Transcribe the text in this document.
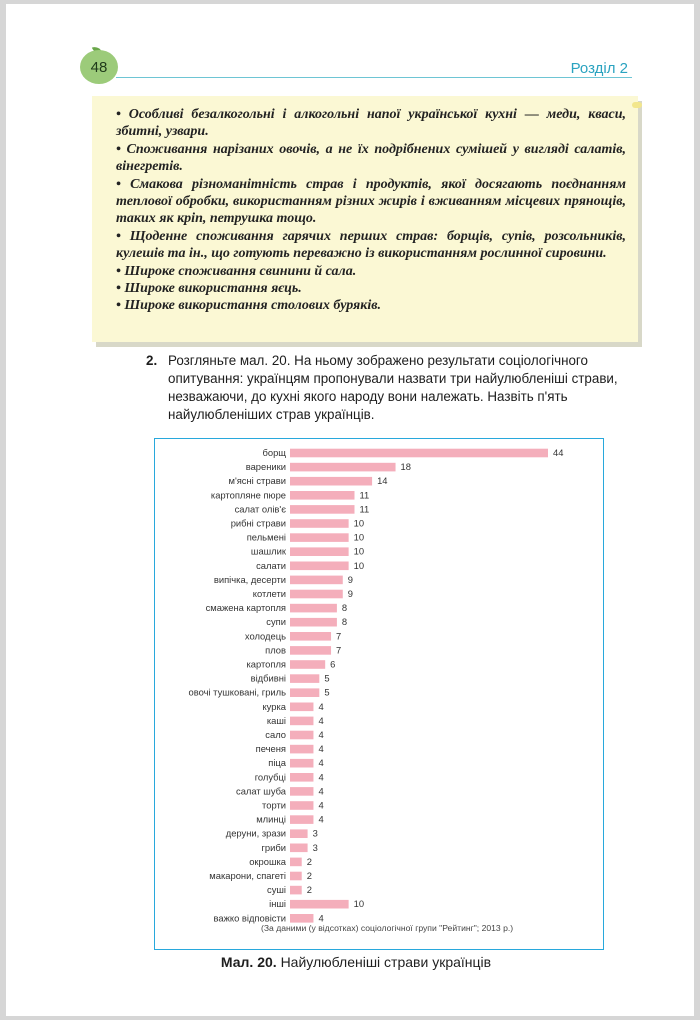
48	Розділ 2
• Особливі безалкогольні і алкогольні напої української кухні — меди, кваси, збитні, узвари.
• Споживання нарізаних овочів, а не їх подрібнених сумішей у вигляді салатів, вінегретів.
• Смакова різноманітність страв і продуктів, якої досягають поєднанням теплової обробки, використанням різних жирів і вживанням місцевих прянощів, таких як кріп, петрушка тощо.
• Щоденне споживання гарячих перших страв: борщів, супів, розсольників, кулешів та ін., що готують переважно із використанням рослинної сировини.
• Широке споживання свинини й сала.
• Широке використання яєць.
• Широке використання столових буряків.
2. Розгляньте мал. 20. На ньому зображено результати соціологічного опитування: українцям пропонували назвати три найулюбленіші страви, незважаючи, до кухні якого народу вони належать. Назвіть п'ять найулюбленіших страв українців.
борщ	44
вареники	18
м'ясні страви	14
картопляне пюре	11
салат олів'є	11
рибні страви	10
пельмені	10
шашлик	10
салати	10
випічка, десерти	9
котлети	9
смажена картопля	8
супи	8
холодець	7
плов	7
картопля	6
відбивні	5
овочі тушковані, гриль	5
курка	4
каші	4
сало	4
печеня	4
піца	4
голубці	4
салат шуба	4
торти	4
млинці	4
деруни, зрази	3
гриби	3
окрошка 2
макарони, спагеті 2
суші 2
інші	10
важко відповісти	4
(За даними (у відсотках) соціологічної групи "Рейтинг"; 2013 р.)
Мал. 20. Найулюбленіші страви українців
